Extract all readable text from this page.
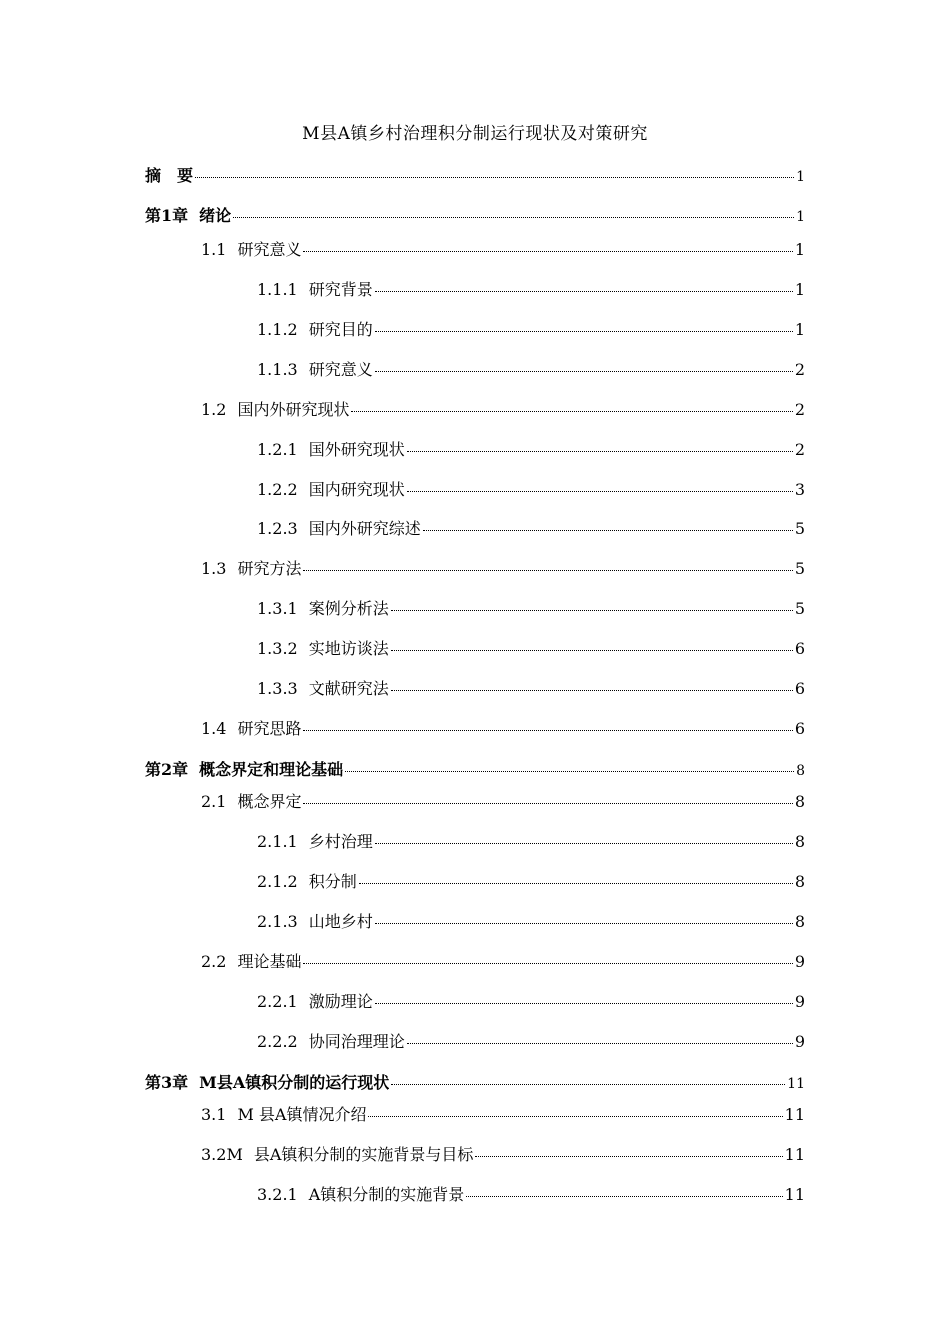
M县A镇乡村治理积分制运行现状及对策研究
摘　要	1
第1章 绪论	1
1.1 研究意义	1
1.1.1 研究背景	1
1.1.2 研究目的	1
1.1.3 研究意义	2
1.2 国内外研究现状	2
1.2.1 国外研究现状	2
1.2.2 国内研究现状	3
1.2.3 国内外研究综述	5
1.3 研究方法	5
1.3.1 案例分析法	5
1.3.2 实地访谈法	6
1.3.3 文献研究法	6
1.4 研究思路	6
第2章 概念界定和理论基础	8
2.1 概念界定	8
2.1.1 乡村治理	8
2.1.2 积分制	8
2.1.3 山地乡村	8
2.2 理论基础	9
2.2.1 激励理论	9
2.2.2 协同治理理论	9
第3章 M县A镇积分制的运行现状	11
3.1 M 县A镇情况介绍	11
3.2M 县A镇积分制的实施背景与目标	11
3.2.1 A镇积分制的实施背景	11
